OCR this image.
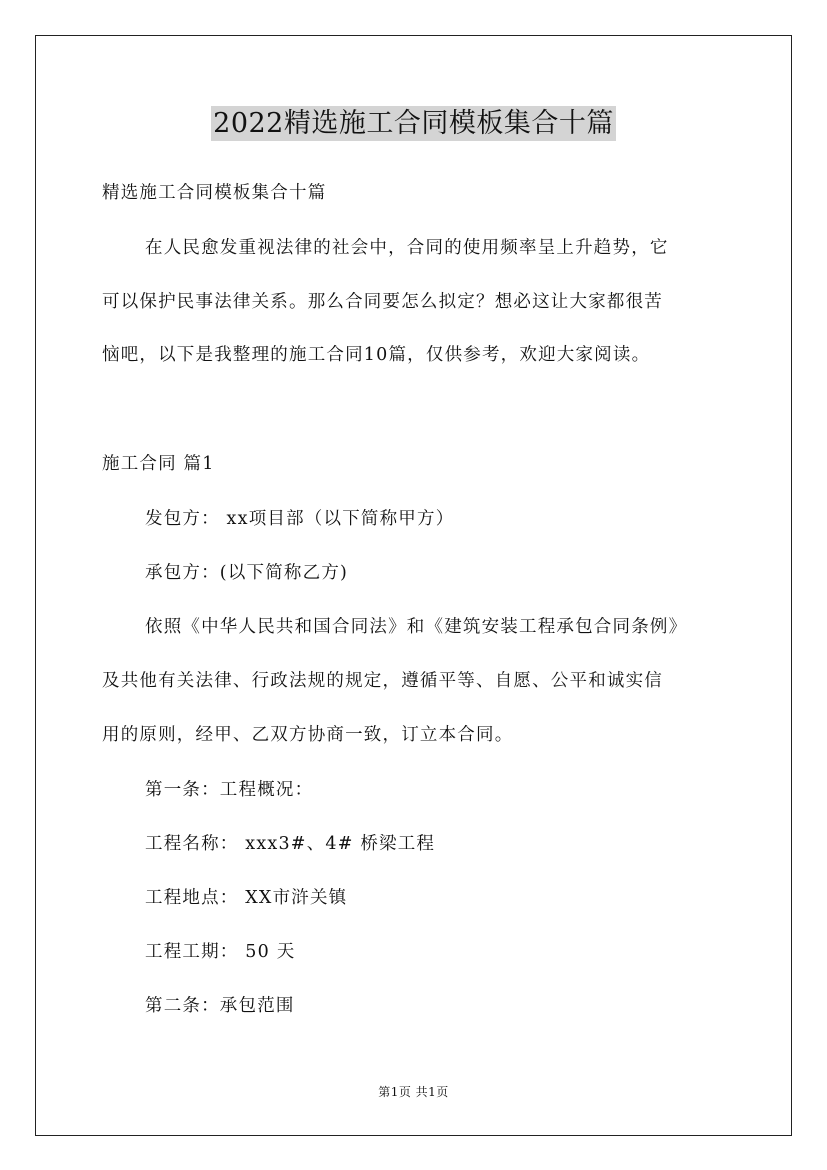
2022精选施工合同模板集合十篇

精选施工合同模板集合十篇

在人民愈发重视法律的社会中，合同的使用频率呈上升趋势，它

可以保护民事法律关系。那么合同要怎么拟定？想必这让大家都很苦

恼吧，以下是我整理的施工合同10篇，仅供参考，欢迎大家阅读。

施工合同 篇1

发包方： xx项目部（以下简称甲方）

承包方：(以下简称乙方)

依照《中华人民共和国合同法》和《建筑安装工程承包合同条例》

及共他有关法律、行政法规的规定，遵循平等、自愿、公平和诚实信

用的原则，经甲、乙双方协商一致，订立本合同。

第一条：工程概况：

工程名称： xxx3#、4# 桥梁工程

工程地点： XX市浒关镇

工程工期： 50 天

第二条：承包范围

第1页 共1页
